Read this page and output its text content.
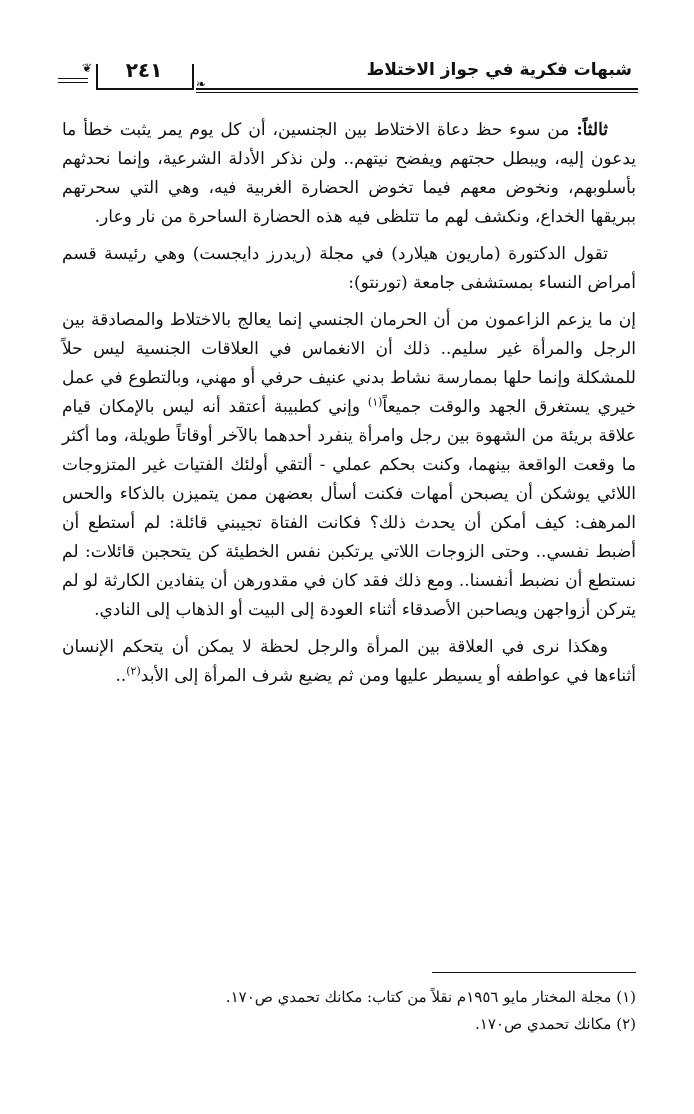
شبهات فكرية في جواز الاختلاط
٢٤١
❦
❧

ثالثاً: من سوء حظ دعاة الاختلاط بين الجنسين، أن كل يوم يمر يثبت خطأ ما يدعون إليه، ويبطل حجتهم ويفضح نيتهم.. ولن نذكر الأدلة الشرعية، وإنما نحدثهم بأسلوبهم، ونخوض معهم فيما تخوض الحضارة الغربية فيه، وهي التي سحرتهم ببريقها الخداع، ونكشف لهم ما تتلظى فيه هذه الحضارة الساحرة من نار وعار.

تقول الدكتورة (ماريون هيلارد) في مجلة (ريدرز دايجست) وهي رئيسة قسم أمراض النساء بمستشفى جامعة (تورنتو):

إن ما يزعم الزاعمون من أن الحرمان الجنسي إنما يعالج بالاختلاط والمصادقة بين الرجل والمرأة غير سليم.. ذلك أن الانغماس في العلاقات الجنسية ليس حلاً للمشكلة وإنما حلها بممارسة نشاط بدني عنيف حرفي أو مهني، وبالتطوع في عمل خيري يستغرق الجهد والوقت جميعاً$^{(١)}$ وإني كطبيبة أعتقد أنه ليس بالإمكان قيام علاقة بريئة من الشهوة بين رجل وامرأة ينفرد أحدهما بالآخر أوقاتاً طويلة، وما أكثر ما وقعت الواقعة بينهما، وكنت بحكم عملي - ألتقي أولئك الفتيات غير المتزوجات اللائي يوشكن أن يصبحن أمهات فكنت أسأل بعضهن ممن يتميزن بالذكاء والحس المرهف: كيف أمكن أن يحدث ذلك؟ فكانت الفتاة تجيبني قائلة: لم أستطع أن أضبط نفسي.. وحتى الزوجات اللاتي يرتكبن نفس الخطيئة كن يتحجبن قائلات: لم نستطع أن نضبط أنفسنا.. ومع ذلك فقد كان في مقدورهن أن يتفادين الكارثة لو لم يتركن أزواجهن ويصاحبن الأصدقاء أثناء العودة إلى البيت أو الذهاب إلى النادي.

وهكذا نرى في العلاقة بين المرأة والرجل لحظة لا يمكن أن يتحكم الإنسان أثناءها في عواطفه أو يسيطر عليها ومن ثم يضيع شرف المرأة إلى الأبد$^{(٢)}$..

(١) مجلة المختار مايو ١٩٥٦م نقلاً من كتاب: مكانك تحمدي ص١٧٠.

(٢) مكانك تحمدي ص١٧٠.
